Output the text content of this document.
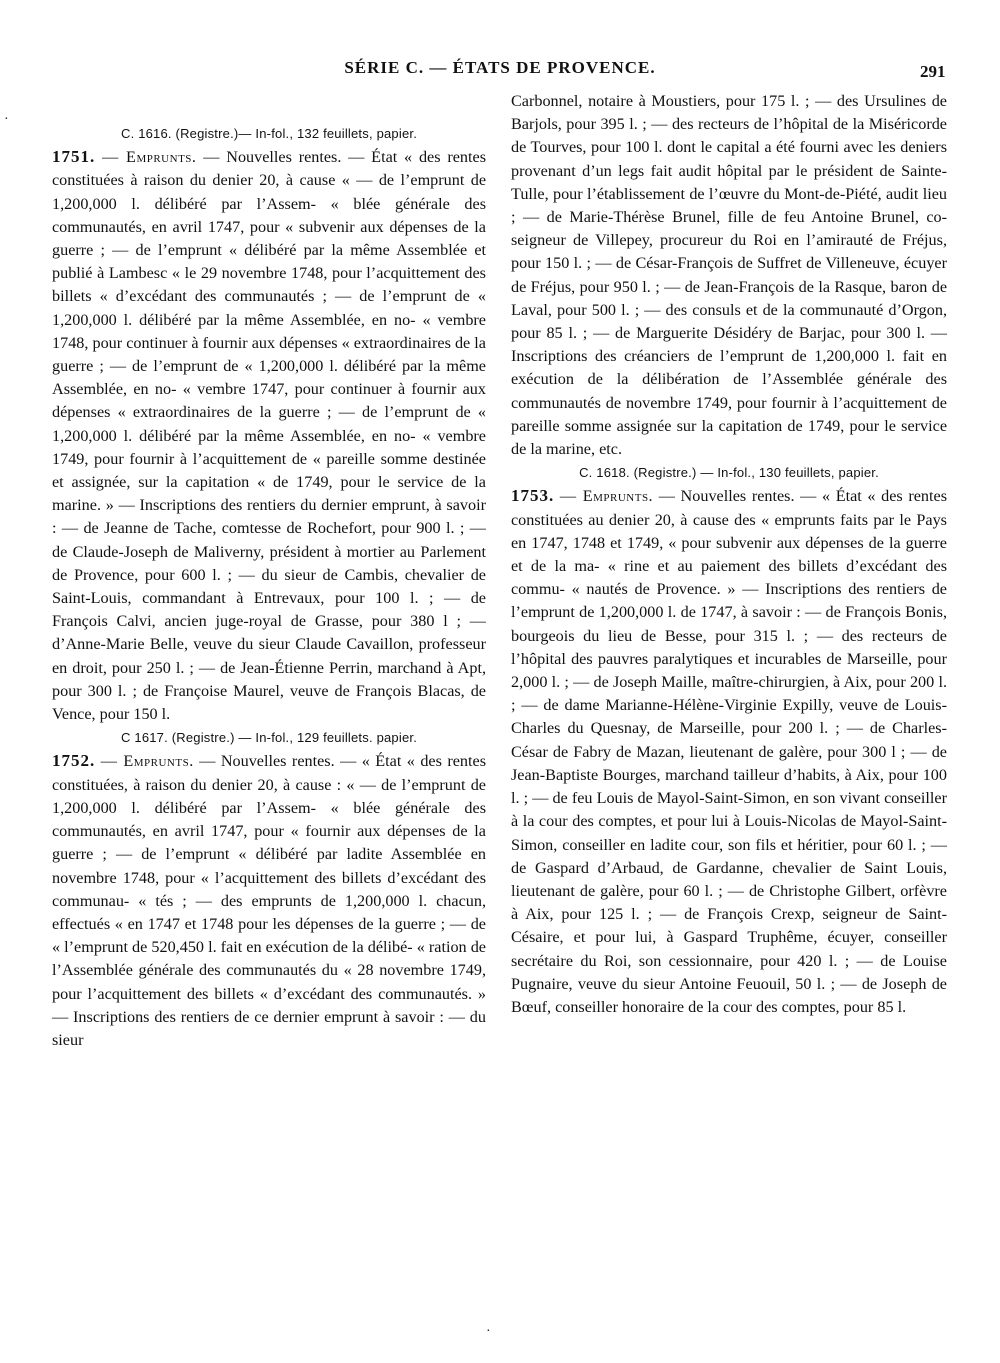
SÉRIE C. — ÉTATS DE PROVENCE.	291
·
·

C. 1616. (Registre.)— In-fol., 132 feuillets, papier.

1751. — Emprunts. — Nouvelles rentes. — État « des rentes constituées à raison du denier 20, à cause « — de l’emprunt de 1,200,000 l. délibéré par l’Assem- « blée générale des communautés, en avril 1747, pour « subvenir aux dépenses de la guerre ; — de l’emprunt « délibéré par la même Assemblée et publié à Lambesc « le 29 novembre 1748, pour l’acquittement des billets « d’excédant des communautés ; — de l’emprunt de « 1,200,000 l. délibéré par la même Assemblée, en no- « vembre 1748, pour continuer à fournir aux dépenses « extraordinaires de la guerre ; — de l’emprunt de « 1,200,000 l. délibéré par la même Assemblée, en no- « vembre 1747, pour continuer à fournir aux dépenses « extraordinaires de la guerre ; — de l’emprunt de « 1,200,000 l. délibéré par la même Assemblée, en no- « vembre 1749, pour fournir à l’acquittement de « pareille somme destinée et assignée, sur la capitation « de 1749, pour le service de la marine. » — Inscriptions des rentiers du dernier emprunt, à savoir : — de Jeanne de Tache, comtesse de Rochefort, pour 900 l. ; — de Claude-Joseph de Maliverny, président à mortier au Parlement de Provence, pour 600 l. ; — du sieur de Cambis, chevalier de Saint-Louis, commandant à Entrevaux, pour 100 l. ; — de François Calvi, ancien juge-royal de Grasse, pour 380 l ; — d’Anne-Marie Belle, veuve du sieur Claude Cavaillon, professeur en droit, pour 250 l. ; — de Jean-Étienne Perrin, marchand à Apt, pour 300 l. ; de Françoise Maurel, veuve de François Blacas, de Vence, pour 150 l.

C 1617. (Registre.) — In-fol., 129 feuillets. papier.

1752. — Emprunts. — Nouvelles rentes. — « État « des rentes constituées, à raison du denier 20, à cause : « — de l’emprunt de 1,200,000 l. délibéré par l’Assem- « blée générale des communautés, en avril 1747, pour « fournir aux dépenses de la guerre ; — de l’emprunt « délibéré par ladite Assemblée en novembre 1748, pour « l’acquittement des billets d’excédant des communau- « tés ; — des emprunts de 1,200,000 l. chacun, effectués « en 1747 et 1748 pour les dépenses de la guerre ; — de « l’emprunt de 520,450 l. fait en exécution de la délibé- « ration de l’Assemblée générale des communautés du « 28 novembre 1749, pour l’acquittement des billets « d’excédant des communautés. » — Inscriptions des rentiers de ce dernier emprunt à savoir : — du sieur

Carbonnel, notaire à Moustiers, pour 175 l. ; — des Ursulines de Barjols, pour 395 l. ; — des recteurs de l’hôpital de la Miséricorde de Tourves, pour 100 l. dont le capital a été fourni avec les deniers provenant d’un legs fait audit hôpital par le président de Sainte-Tulle, pour l’établissement de l’œuvre du Mont-de-Piété, audit lieu ; — de Marie-Thérèse Brunel, fille de feu Antoine Brunel, co-seigneur de Villepey, procureur du Roi en l’amirauté de Fréjus, pour 150 l. ; — de César-François de Suffret de Villeneuve, écuyer de Fréjus, pour 950 l. ; — de Jean-François de la Rasque, baron de Laval, pour 500 l. ; — des consuls et de la communauté d’Orgon, pour 85 l. ; — de Marguerite Désidéry de Barjac, pour 300 l. — Inscriptions des créanciers de l’emprunt de 1,200,000 l. fait en exécution de la délibération de l’Assemblée générale des communautés de novembre 1749, pour fournir à l’acquittement de pareille somme assignée sur la capitation de 1749, pour le service de la marine, etc.

C. 1618. (Registre.) — In-fol., 130 feuillets, papier.

1753. — Emprunts. — Nouvelles rentes. — « État « des rentes constituées au denier 20, à cause des « emprunts faits par le Pays en 1747, 1748 et 1749, « pour subvenir aux dépenses de la guerre et de la ma- « rine et au paiement des billets d’excédant des commu- « nautés de Provence. » — Inscriptions des rentiers de l’emprunt de 1,200,000 l. de 1747, à savoir : — de François Bonis, bourgeois du lieu de Besse, pour 315 l. ; — des recteurs de l’hôpital des pauvres paralytiques et incurables de Marseille, pour 2,000 l. ; — de Joseph Maille, maître-chirurgien, à Aix, pour 200 l. ; — de dame Marianne-Hélène-Virginie Expilly, veuve de Louis-Charles du Quesnay, de Marseille, pour 200 l. ; — de Charles-César de Fabry de Mazan, lieutenant de galère, pour 300 l ; — de Jean-Baptiste Bourges, marchand tailleur d’habits, à Aix, pour 100 l. ; — de feu Louis de Mayol-Saint-Simon, en son vivant conseiller à la cour des comptes, et pour lui à Louis-Nicolas de Mayol-Saint-Simon, conseiller en ladite cour, son fils et héritier, pour 60 l. ; — de Gaspard d’Arbaud, de Gardanne, chevalier de Saint Louis, lieutenant de galère, pour 60 l. ; — de Christophe Gilbert, orfèvre à Aix, pour 125 l. ; — de François Crexp, seigneur de Saint-Césaire, et pour lui, à Gaspard Truphême, écuyer, conseiller secrétaire du Roi, son cessionnaire, pour 420 l. ; — de Louise Pugnaire, veuve du sieur Antoine Feuouil, 50 l. ; — de Joseph de Bœuf, conseiller honoraire de la cour des comptes, pour 85 l.
